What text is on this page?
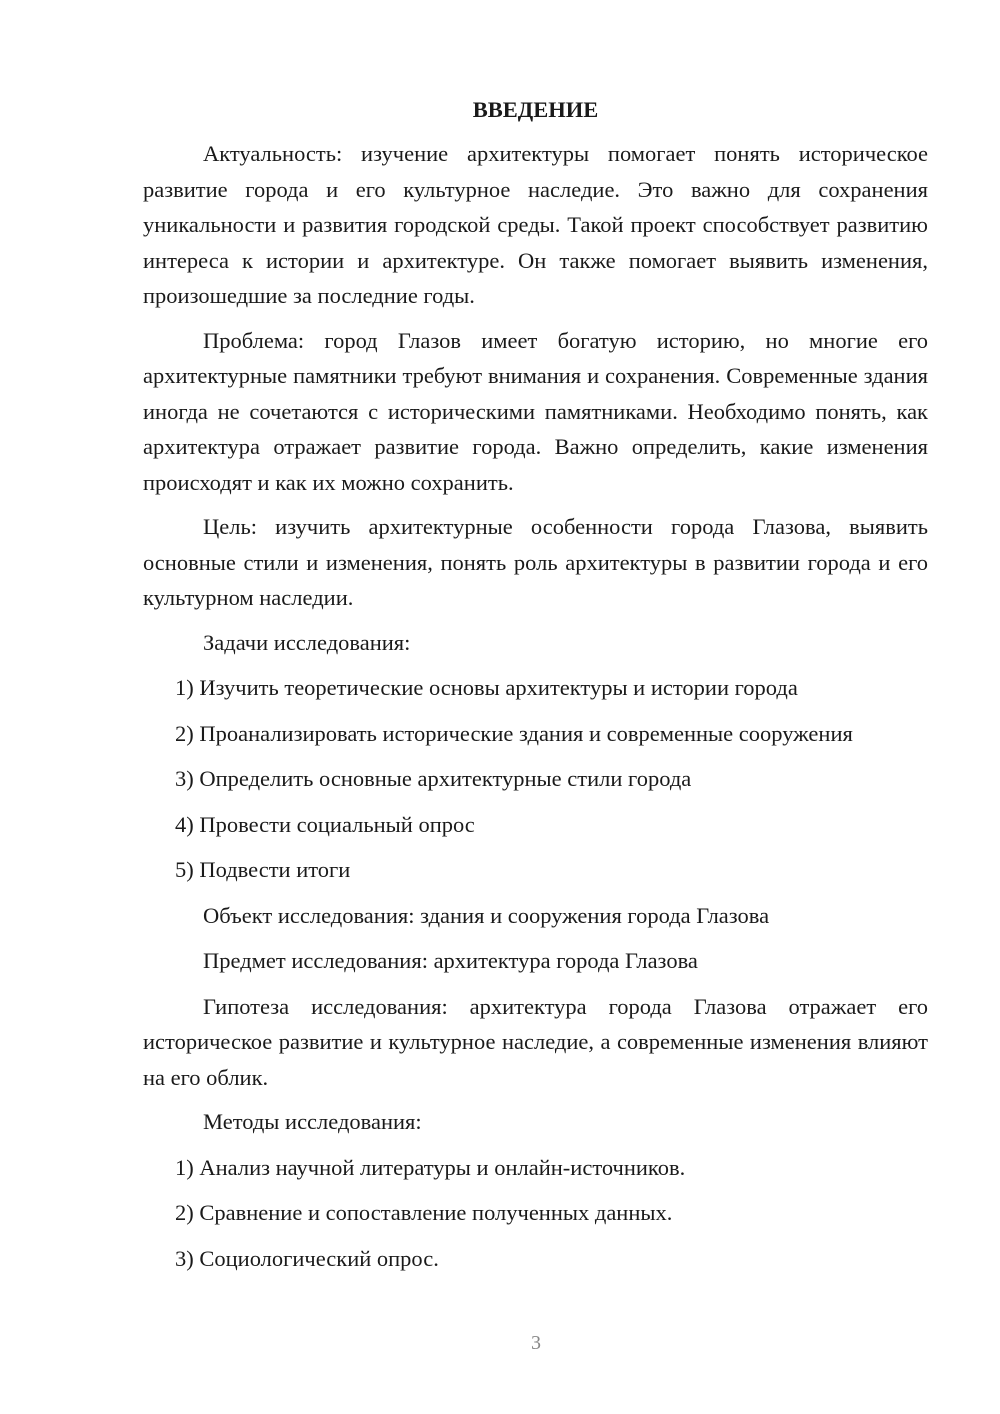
ВВЕДЕНИЕ

Актуальность: изучение архитектуры помогает понять историческое развитие города и его культурное наследие. Это важно для сохранения уникальности и развития городской среды. Такой проект способствует развитию интереса к истории и архитектуре. Он также помогает выявить изменения, произошедшие за последние годы.

Проблема: город Глазов имеет богатую историю, но многие его архитектурные памятники требуют внимания и сохранения. Современные здания иногда не сочетаются с историческими памятниками. Необходимо понять, как архитектура отражает развитие города. Важно определить, какие изменения происходят и как их можно сохранить.

Цель: изучить архитектурные особенности города Глазова, выявить основные стили и изменения, понять роль архитектуры в развитии города и его культурном наследии.

Задачи исследования:

1) Изучить теоретические основы архитектуры и истории города

2) Проанализировать исторические здания и современные сооружения

3) Определить основные архитектурные стили города

4) Провести социальный опрос

5) Подвести итоги

Объект исследования: здания и сооружения города Глазова

Предмет исследования: архитектура города Глазова

Гипотеза исследования: архитектура города Глазова отражает его историческое развитие и культурное наследие, а современные изменения влияют на его облик.

Методы исследования:

1) Анализ научной литературы и онлайн-источников.

2) Сравнение и сопоставление полученных данных.

3) Социологический опрос.

3
